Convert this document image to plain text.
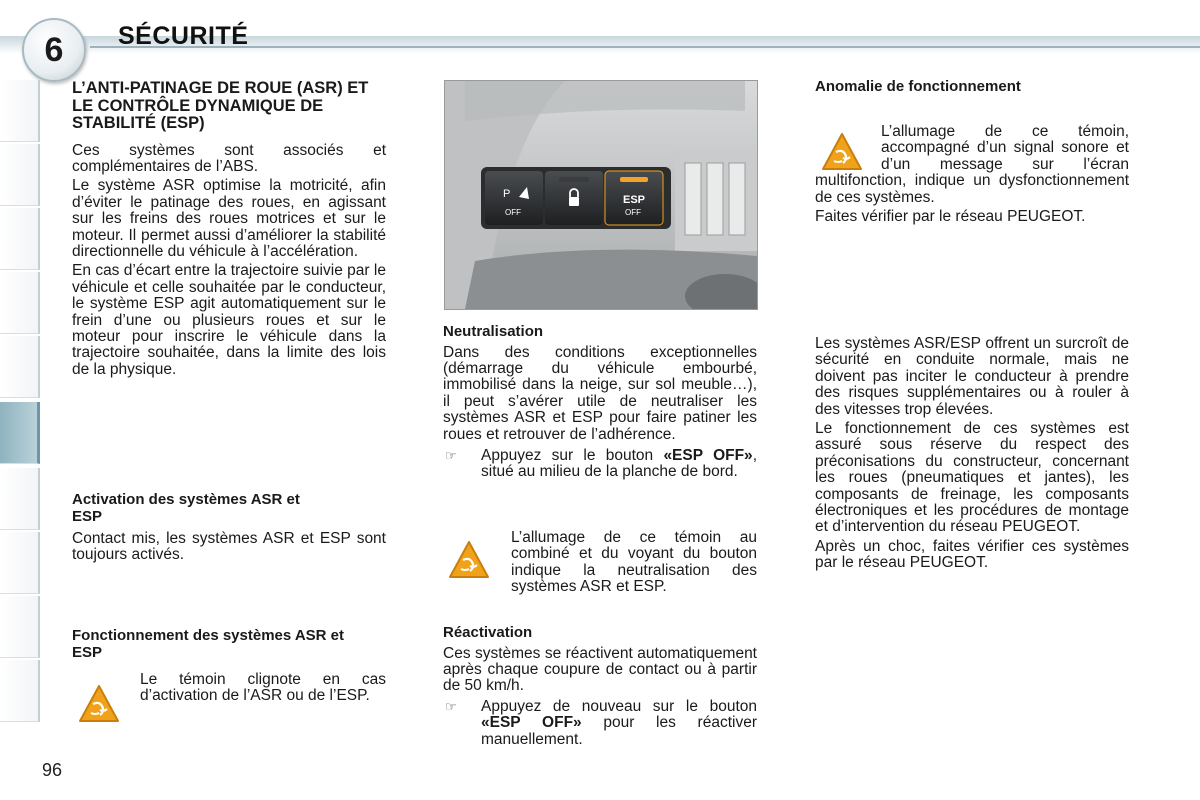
6	SÉCURITÉ

L’ANTI-PATINAGE DE ROUE (ASR) ET LE CONTRÔLE DYNAMIQUE DE STABILITÉ (ESP)

Ces systèmes sont associés et complémentaires de l’ABS.

Le système ASR optimise la motricité, afin d’éviter le patinage des roues, en agissant sur les freins des roues motrices et sur le moteur. Il permet aussi d’améliorer la stabilité directionnelle du véhicule à l’accélération.

En cas d’écart entre la trajectoire suivie par le véhicule et celle souhaitée par le conducteur, le système ESP agit automatiquement sur le frein d’une ou plusieurs roues et sur le moteur pour inscrire le véhicule dans la trajectoire souhaitée, dans la limite des lois de la physique.

Activation des systèmes ASR et ESP

Contact mis, les systèmes ASR et ESP sont toujours activés.

Fonctionnement des systèmes ASR et ESP

Le témoin clignote en cas d’activation de l’ASR ou de l’ESP.

P
OFF
ESP
OFF

Neutralisation

Dans des conditions exceptionnelles (démarrage du véhicule embourbé, immobilisé dans la neige, sur sol meuble…), il peut s’avérer utile de neutraliser les systèmes ASR et ESP pour faire patiner les roues et retrouver de l’adhérence.

☞	Appuyez sur le bouton «ESP OFF», situé au milieu de la planche de bord.

L’allumage de ce témoin au combiné et du voyant du bouton indique la neutralisation des systèmes ASR et ESP.

Réactivation

Ces systèmes se réactivent automatiquement après chaque coupure de contact ou à partir de 50 km/h.

☞	Appuyez de nouveau sur le bouton «ESP OFF» pour les réactiver manuellement.

Anomalie de fonctionnement

L’allumage de ce témoin, accompagné d’un signal sonore et d’un message sur l’écran multifonction, indique un dysfonctionnement de ces systèmes.

Faites vérifier par le réseau PEUGEOT.

Les systèmes ASR/ESP offrent un surcroît de sécurité en conduite normale, mais ne doivent pas inciter le conducteur à prendre des risques supplémentaires ou à rouler à des vitesses trop élevées.

Le fonctionnement de ces systèmes est assuré sous réserve du respect des préconisations du constructeur, concernant les roues (pneumatiques et jantes), les composants de freinage, les composants électroniques et les procédures de montage et d’intervention du réseau PEUGEOT.

Après un choc, faites vérifier ces systèmes par le réseau PEUGEOT.

96
